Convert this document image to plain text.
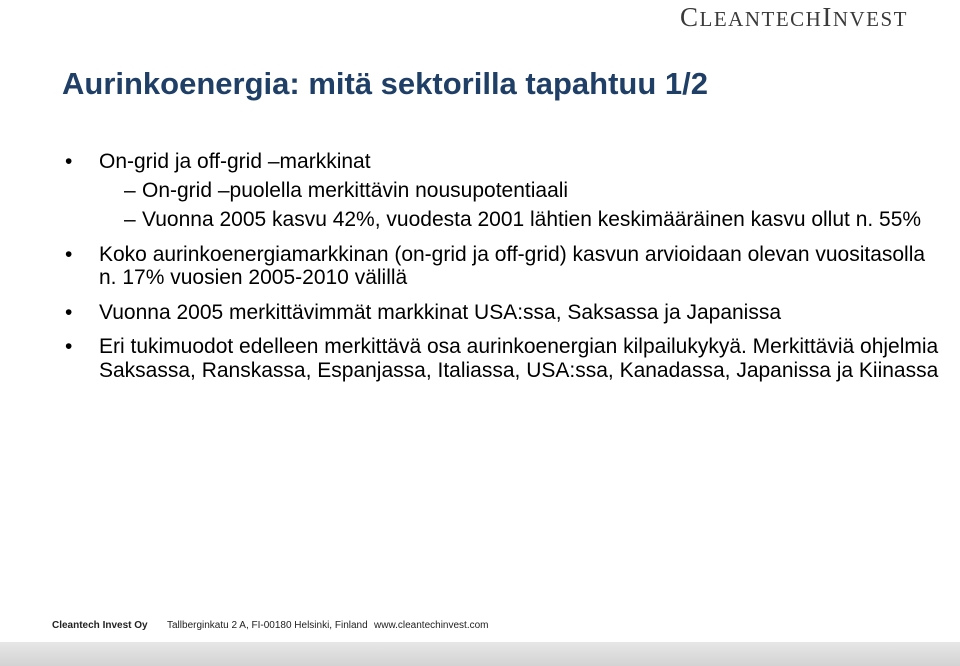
CLEANTECHINVEST
Aurinkoenergia: mitä sektorilla tapahtuu 1/2
• On-grid ja off-grid –markkinat
– On-grid –puolella merkittävin nousupotentiaali
– Vuonna 2005 kasvu 42%, vuodesta 2001 lähtien keskimääräinen kasvu ollut n. 55%
• Koko aurinkoenergiamarkkinan (on-grid ja off-grid) kasvun arvioidaan olevan vuositasolla n. 17% vuosien 2005-2010 välillä
• Vuonna 2005 merkittävimmät markkinat USA:ssa, Saksassa ja Japanissa
• Eri tukimuodot edelleen merkittävä osa aurinkoenergian kilpailukykyä. Merkittäviä ohjelmia Saksassa, Ranskassa, Espanjassa, Italiassa, USA:ssa, Kanadassa, Japanissa ja Kiinassa
Cleantech Invest Oy Tallberginkatu 2 A, FI-00180 Helsinki, Finland www.cleantechinvest.com
